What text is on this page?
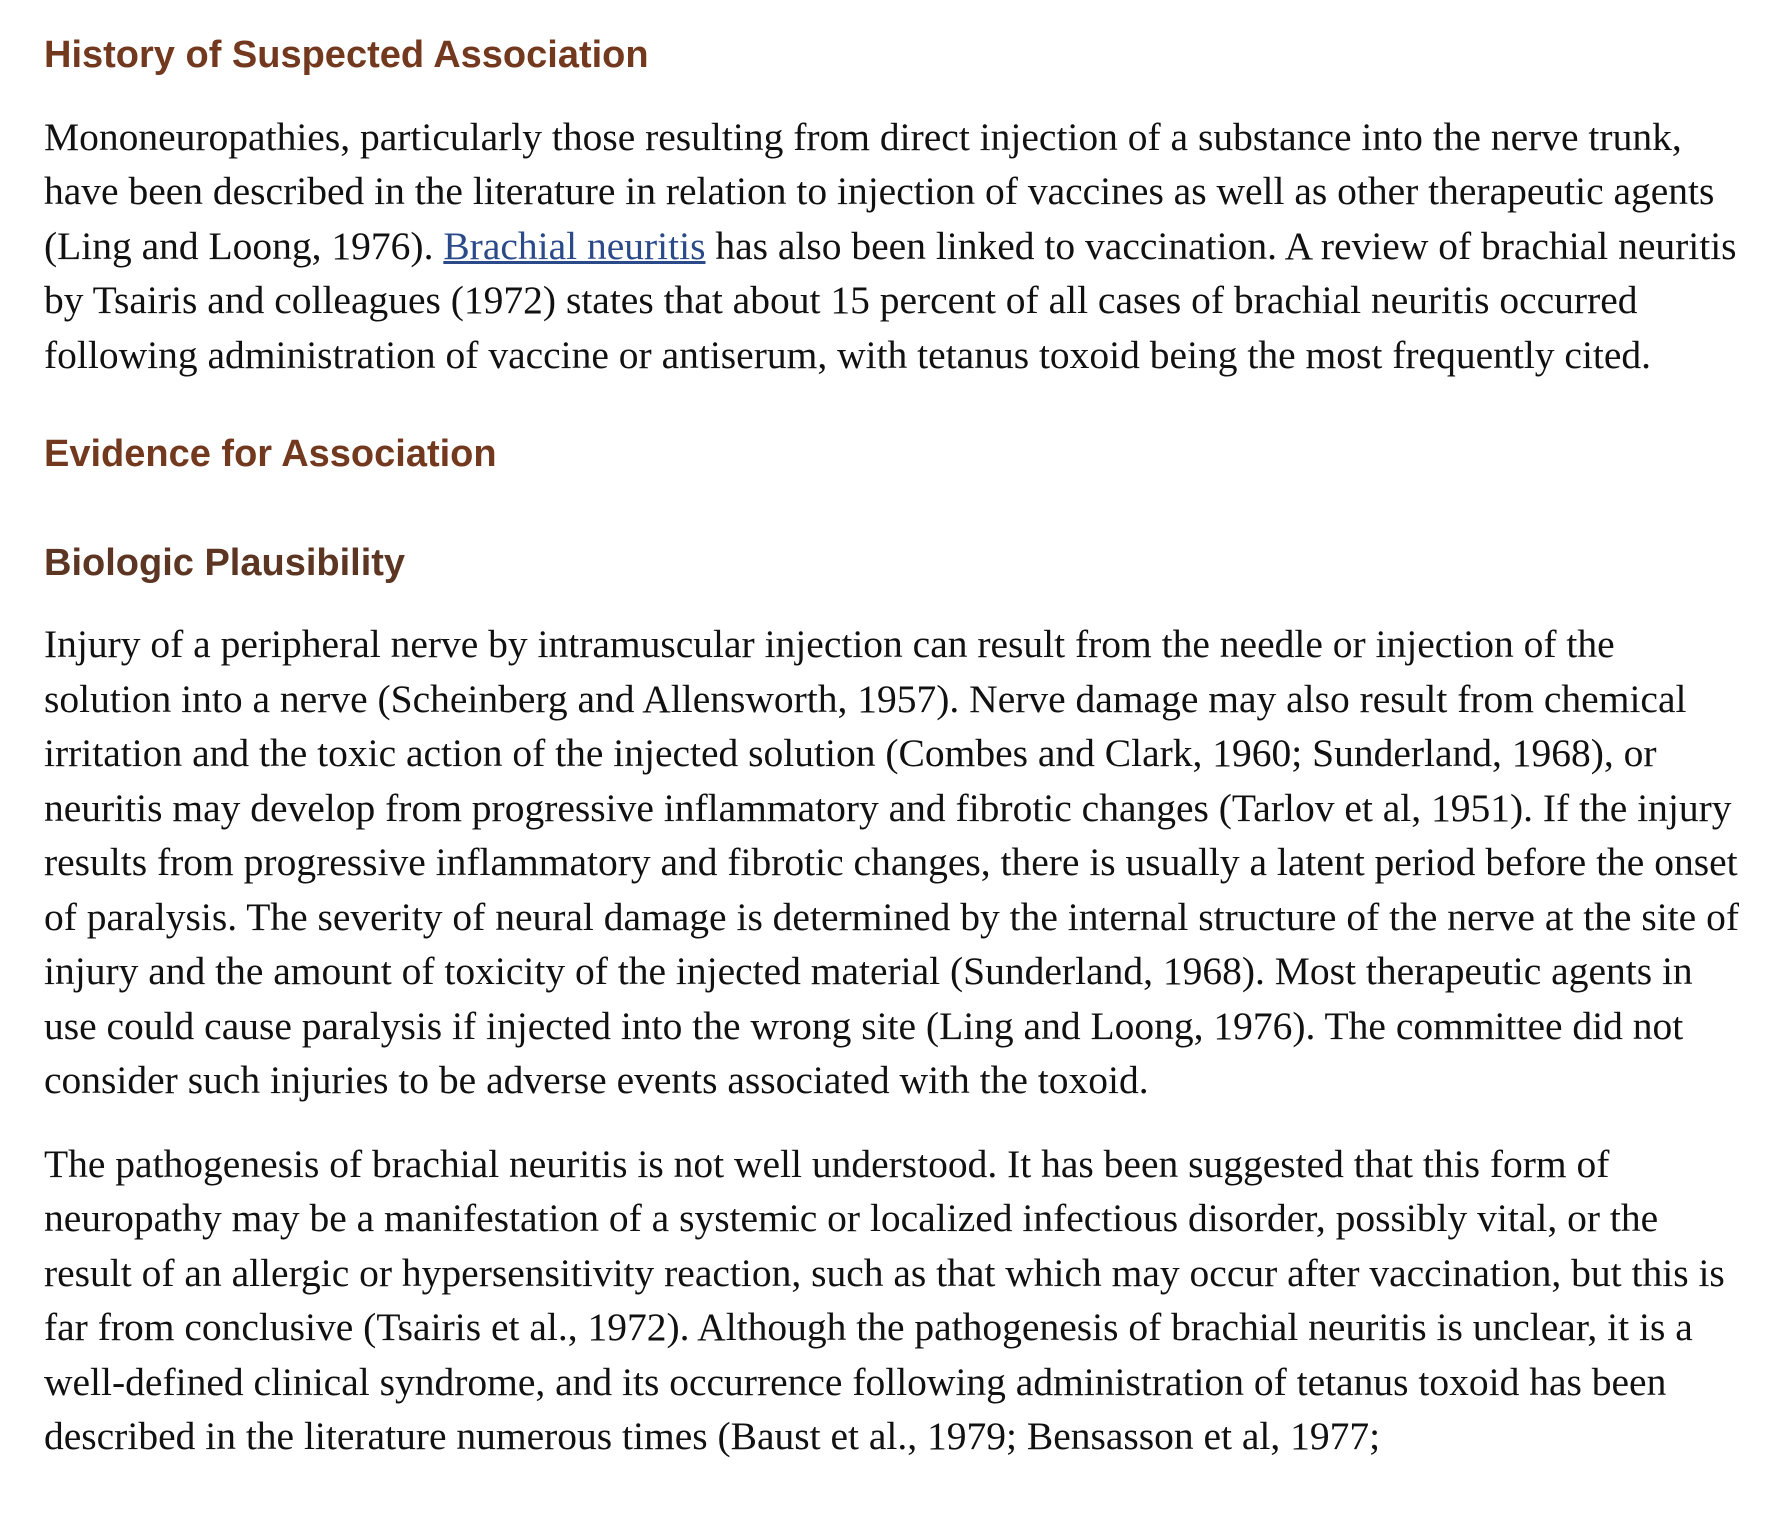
History of Suspected Association

Mononeuropathies, particularly those resulting from direct injection of a substance into the nerve trunk, have been described in the literature in relation to injection of vaccines as well as other therapeutic agents (Ling and Loong, 1976). Brachial neuritis has also been linked to vaccination. A review of brachial neuritis by Tsairis and colleagues (1972) states that about 15 percent of all cases of brachial neuritis occurred following administration of vaccine or antiserum, with tetanus toxoid being the most frequently cited.

Evidence for Association
Biologic Plausibility

Injury of a peripheral nerve by intramuscular injection can result from the needle or injection of the solution into a nerve (Scheinberg and Allensworth, 1957). Nerve damage may also result from chemical irritation and the toxic action of the injected solution (Combes and Clark, 1960; Sunderland, 1968), or neuritis may develop from progressive inflammatory and fibrotic changes (Tarlov et al, 1951). If the injury results from progressive inflammatory and fibrotic changes, there is usually a latent period before the onset of paralysis. The severity of neural damage is determined by the internal structure of the nerve at the site of injury and the amount of toxicity of the injected material (Sunderland, 1968). Most therapeutic agents in use could cause paralysis if injected into the wrong site (Ling and Loong, 1976). The committee did not consider such injuries to be adverse events associated with the toxoid.

The pathogenesis of brachial neuritis is not well understood. It has been suggested that this form of neuropathy may be a manifestation of a systemic or localized infectious disorder, possibly vital, or the result of an allergic or hypersensitivity reaction, such as that which may occur after vaccination, but this is far from conclusive (Tsairis et al., 1972). Although the pathogenesis of brachial neuritis is unclear, it is a well-defined clinical syndrome, and its occurrence following administration of tetanus toxoid has been described in the literature numerous times (Baust et al., 1979; Bensasson et al, 1977;
